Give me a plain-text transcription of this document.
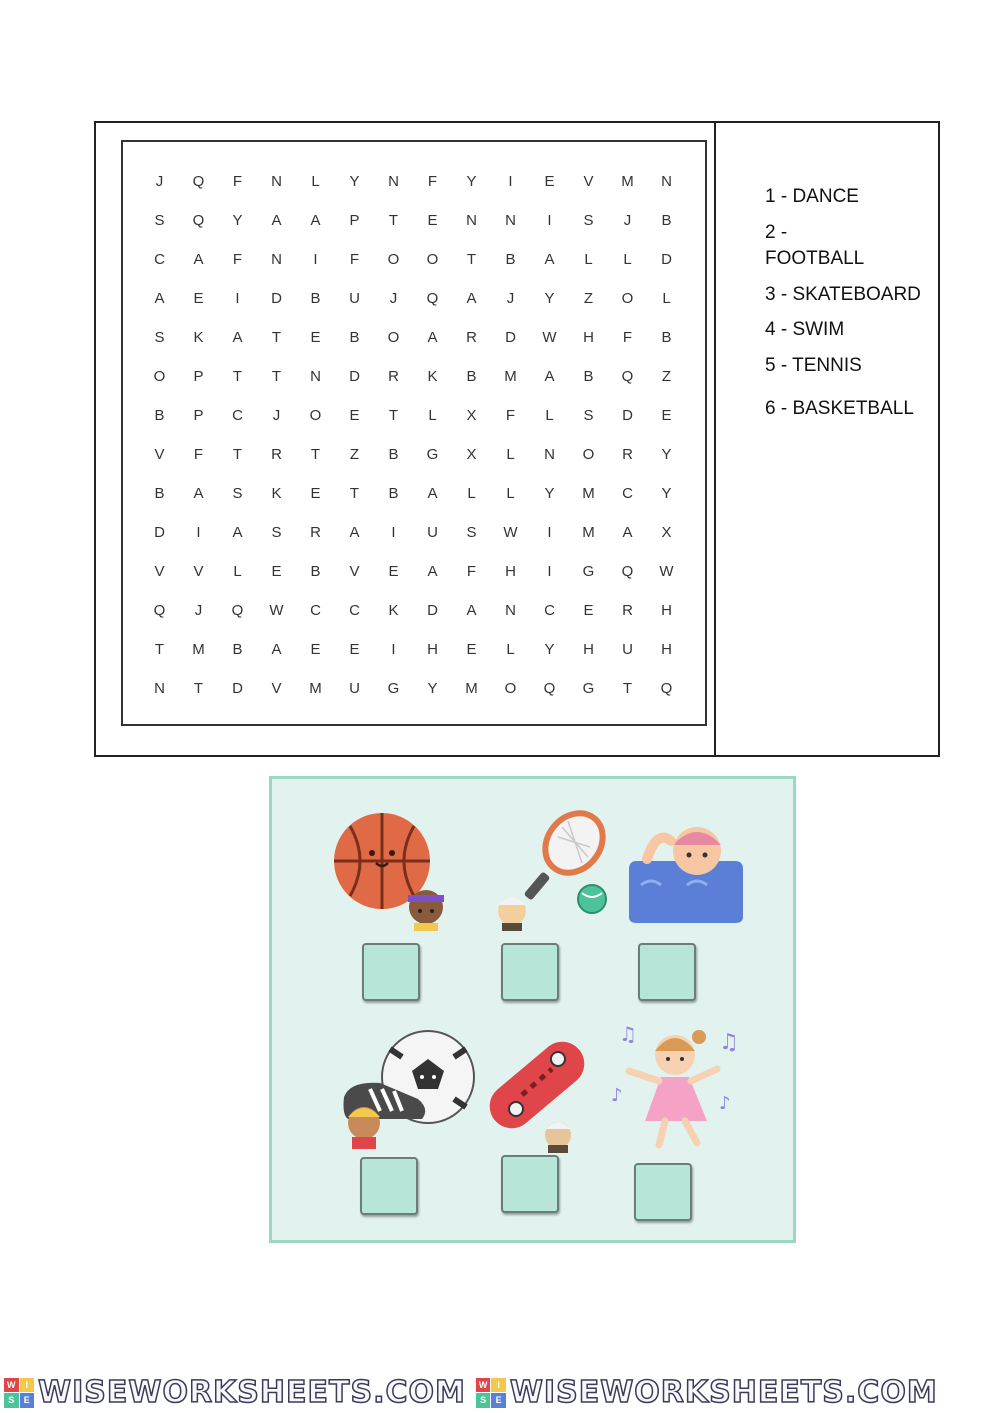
J	Q	F	N	L	Y	N	F	Y	I	E	V	M	N
S	Q	Y	A	A	P	T	E	N	N	I	S	J	B
C	A	F	N	I	F	O	O	T	B	A	L	L	D
A	E	I	D	B	U	J	Q	A	J	Y	Z	O	L
S	K	A	T	E	B	O	A	R	D	W	H	F	B
O	P	T	T	N	D	R	K	B	M	A	B	Q	Z
B	P	C	J	O	E	T	L	X	F	L	S	D	E
V	F	T	R	T	Z	B	G	X	L	N	O	R	Y
B	A	S	K	E	T	B	A	L	L	Y	M	C	Y
D	I	A	S	R	A	I	U	S	W	I	M	A	X
V	V	L	E	B	V	E	A	F	H	I	G	Q	W
Q	J	Q	W	C	C	K	D	A	N	C	E	R	H
T	M	B	A	E	E	I	H	E	L	Y	H	U	H
N	T	D	V	M	U	G	Y	M	O	Q	G	T	Q
1 - DANCE
2 - FOOTBALL
3 - SKATEBOARD
4 - SWIM
5 - TENNIS
6 - BASKETBALL
♫	♫
♪	♪
W	I
S	E WISEWORKSHEETS.COM	W	I
S	E WISEWORKSHEETS.COM
